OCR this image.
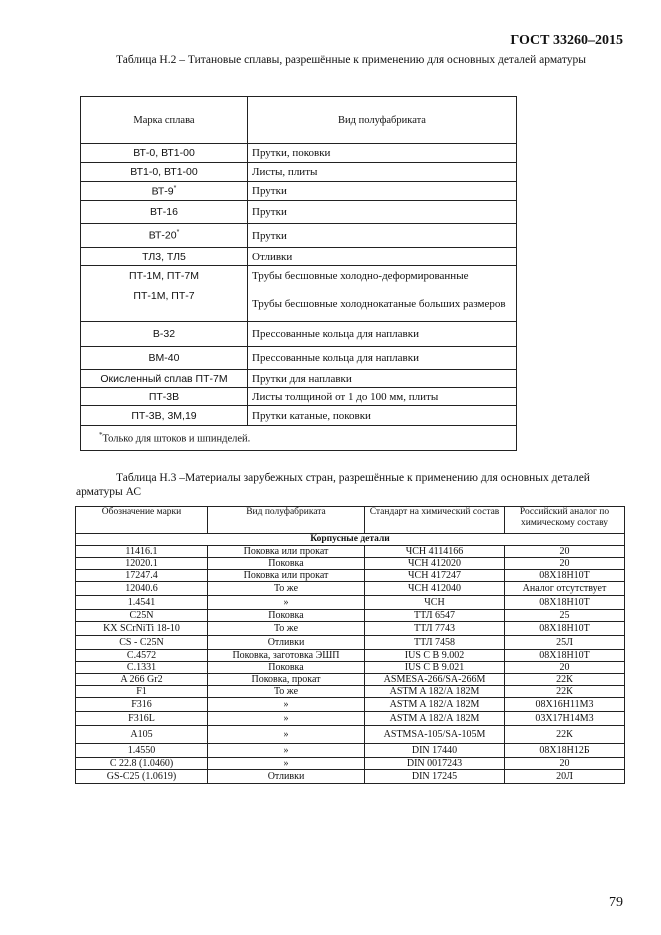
ГОСТ 33260–2015
Таблица Н.2 – Титановые сплавы, разрешённые к применению для основных деталей арматуры
Марка сплава	Вид полуфабриката
ВТ-0, ВТ1-00	Прутки, поковки
ВТ1-0, ВТ1-00	Листы, плиты
ВТ-9*	Прутки
ВТ-16	Прутки
ВТ-20*	Прутки
ТЛ3, ТЛ5	Отливки
ПТ-1М, ПТ-7М	Трубы бесшовные холодно-деформированные
ПТ-1М, ПТ-7	Трубы бесшовные холоднокатаные больших размеров
В-32	Прессованные кольца для наплавки
ВМ-40	Прессованные кольца для наплавки
Окисленный сплав ПТ-7М	Прутки для наплавки
ПТ-3В	Листы толщиной от 1 до 100 мм, плиты
ПТ-3В, 3М,19	Прутки катаные, поковки
*Только для штоков и шпинделей.	
Таблица Н.3 –Материалы зарубежных стран, разрешённые к применению для основных деталей арматуры АС
Обозначение марки	Вид полуфабриката	Стандарт на химический состав	Российский аналог по химическому составу
Корпусные детали			
11416.1	Поковка или прокат	ЧСН 4114166	20
12020.1	Поковка	ЧСН 412020	20
17247.4	Поковка или прокат	ЧСН 417247	08Х18Н10Т
12040.6	То же	ЧСН 412040	Аналог отсутствует
1.4541	»	ЧСН	08Х18Н10Т
C25N	Поковка	ТТЛ 6547	25
KX SCrNiTi 18-10	То же	ТТЛ 7743	08Х18Н10Т
CS - C25N	Отливки	ТТЛ 7458	25Л
C.4572	Поковка, заготовка ЭШП	IUS C B 9.002	08Х18Н10Т
C.1331	Поковка	IUS C B 9.021	20
A 266 Gr2	Поковка, прокат	ASMESA-266/SA-266M	22К
F1	То же	ASTM A 182/A 182M	22К
F316	»	ASTM A 182/A 182M	08Х16Н11М3
F316L	»	ASTM A 182/A 182M	03Х17Н14М3
A105	»	ASTMSA-105/SA-105M	22К
1.4550	»	DIN 17440	08Х18Н12Б
C 22.8 (1.0460)	»	DIN 0017243	20
GS-C25 (1.0619)	Отливки	DIN 17245	20Л
79
